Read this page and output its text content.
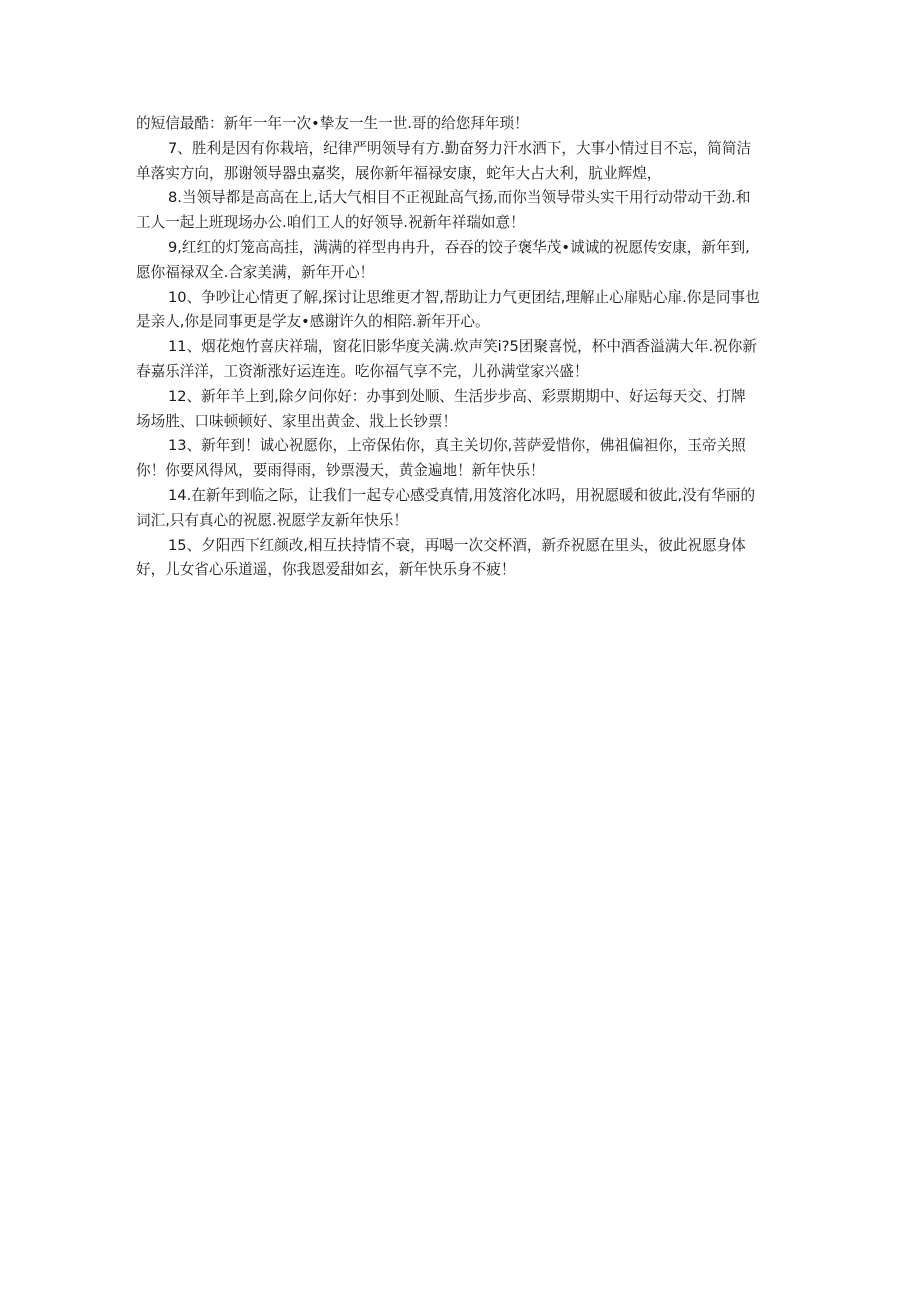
的短信最酷：新年一年一次•挚友一生一世.哥的给您拜年琐！
7、胜利是因有你栽培，纪律严明领导有方.勤奋努力汗水洒下，大事小情过目不忘，简简洁
单落实方向，那谢领导器虫嘉奖，展你新年福禄安康，蛇年大占大利，肮业辉煌，
8.当领导都是高高在上,话大气相目不正视趾高气扬,而你当领导带头实干用行动带动干劲.和
工人一起上班现场办公.咱们工人的好领导.祝新年祥瑞如意！
9,红红的灯笼高高挂，满满的祥型冉冉升，吞吞的饺子褒华茂•诚诚的祝愿传安康，新年到,
愿你福禄双全.合家美满，新年开心！
10、争吵让心情更了解,探讨让思维更才智,帮助让力气更团结,理解止心扉贴心扉.你是同事也
是亲人,你是同事更是学友•感谢许久的相陪.新年开心。
11、烟花炮竹喜庆祥瑞，窗花旧影华度关满.炊声笑i?5团聚喜悦，杯中酒香溢满大年.祝你新
春嘉乐洋洋，工资渐涨好运连连。吃你福气享不完，儿孙满堂家兴盛！
12、新年羊上到,除夕问你好：办事到处顺、生活步步高、彩票期期中、好运每天交、打牌
场场胜、口味顿顿好、家里出黄金、戕上长钞票！
13、新年到！诚心祝愿你，上帝保佑你，真主关切你,菩萨爱惜你，佛祖偏袒你，玉帝关照
你！你要风得风，要雨得雨，钞票漫天，黄金遍地！新年快乐！
14.在新年到临之际，让我们一起专心感受真情,用笈溶化冰吗，用祝愿暖和彼此,没有华丽的
词汇,只有真心的祝愿.祝愿学友新年快乐！
15、夕阳西下红颜改,相互扶持情不衰，再喝一次交杯酒，新乔祝愿在里头，彼此祝愿身体
好，儿女省心乐道遥，你我恩爱甜如玄，新年快乐身不疲！
